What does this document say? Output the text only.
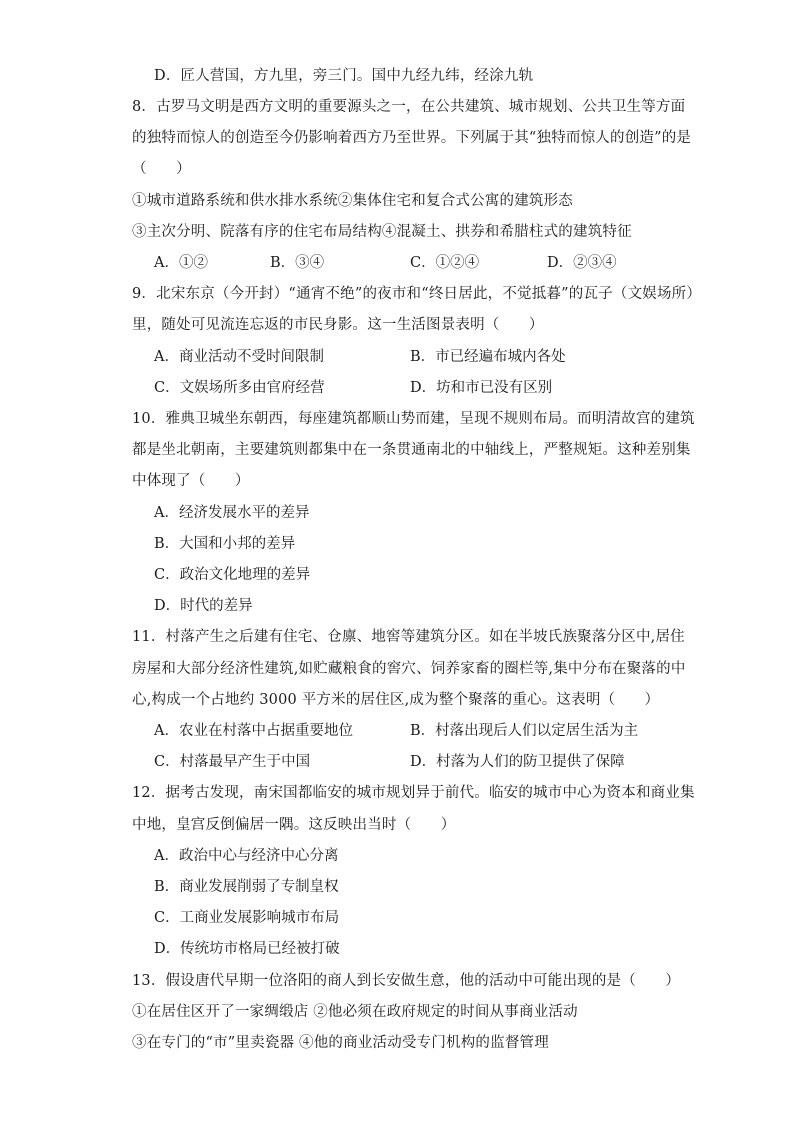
D．匠人营国，方九里，旁三门。国中九经九纬，经涂九轨
8．古罗马文明是西方文明的重要源头之一，在公共建筑、城市规划、公共卫生等方面
的独特而惊人的创造至今仍影响着西方乃至世界。下列属于其“独特而惊人的创造”的是
（　　）
①城市道路系统和供水排水系统②集体住宅和复合式公寓的建筑形态
③主次分明、院落有序的住宅布局结构④混凝土、拱券和希腊柱式的建筑特征
A．①②	B．③④	C．①②④	D．②③④
9．北宋东京（今开封）“通宵不绝”的夜市和“终日居此，不觉抵暮”的瓦子（文娱场所）
里，随处可见流连忘返的市民身影。这一生活图景表明（　　）
A．商业活动不受时间限制	B．市已经遍布城内各处
C．文娱场所多由官府经营	D．坊和市已没有区别
10．雅典卫城坐东朝西，每座建筑都顺山势而建，呈现不规则布局。而明清故宫的建筑
都是坐北朝南，主要建筑则都集中在一条贯通南北的中轴线上，严整规矩。这种差别集
中体现了（　　）
A．经济发展水平的差异
B．大国和小邦的差异
C．政治文化地理的差异
D．时代的差异
11．村落产生之后建有住宅、仓廪、地窖等建筑分区。如在半坡氏族聚落分区中,居住
房屋和大部分经济性建筑,如贮藏粮食的窖穴、饲养家畜的圈栏等,集中分布在聚落的中
心,构成一个占地约 3000 平方米的居住区,成为整个聚落的重心。这表明（　　）
A．农业在村落中占据重要地位	B．村落出现后人们以定居生活为主
C．村落最早产生于中国	D．村落为人们的防卫提供了保障
12．据考古发现，南宋国都临安的城市规划异于前代。临安的城市中心为资本和商业集
中地，皇宫反倒偏居一隅。这反映出当时（　　）
A．政治中心与经济中心分离
B．商业发展削弱了专制皇权
C．工商业发展影响城市布局
D．传统坊市格局已经被打破
13．假设唐代早期一位洛阳的商人到长安做生意，他的活动中可能出现的是（　　）
①在居住区开了一家绸缎店 ②他必须在政府规定的时间从事商业活动
③在专门的“市”里卖瓷器 ④他的商业活动受专门机构的监督管理
